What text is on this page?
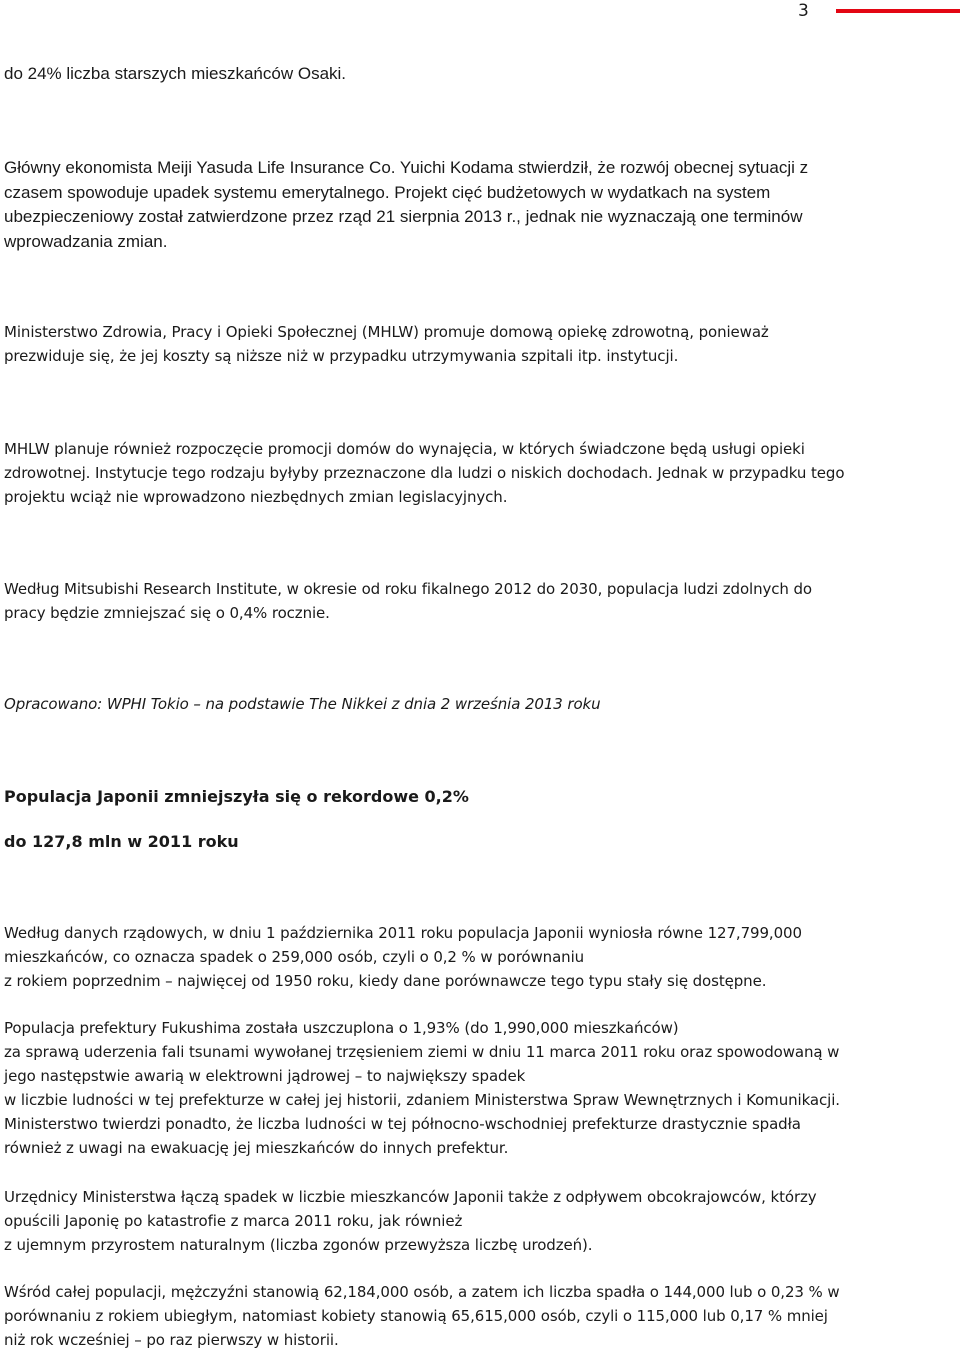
3

do 24% liczba starszych mieszkańców Osaki.

Główny ekonomista Meiji Yasuda Life Insurance Co. Yuichi Kodama stwierdził, że rozwój obecnej sytuacji z
czasem spowoduje upadek systemu emerytalnego. Projekt cięć budżetowych w wydatkach na system
ubezpieczeniowy został zatwierdzone przez rząd 21 sierpnia 2013 r., jednak nie wyznaczają one terminów
wprowadzania zmian.

Ministerstwo Zdrowia, Pracy i Opieki Społecznej (MHLW) promuje domową opiekę zdrowotną, ponieważ
prezwiduje się, że jej koszty są niższe niż w przypadku utrzymywania szpitali itp. instytucji.

MHLW planuje również rozpoczęcie promocji domów do wynajęcia, w których świadczone będą usługi opieki
zdrowotnej. Instytucje tego rodzaju byłyby przeznaczone dla ludzi o niskich dochodach. Jednak w przypadku tego
projektu wciąż nie wprowadzono niezbędnych zmian legislacyjnych.

Według Mitsubishi Research Institute, w okresie od roku fikalnego 2012 do 2030, populacja ludzi zdolnych do
pracy będzie zmniejszać się o 0,4% rocznie.

Opracowano: WPHI Tokio – na podstawie The Nikkei z dnia 2 września 2013 roku

Populacja Japonii zmniejszyła się o rekordowe 0,2%

do 127,8 mln w 2011 roku

Według danych rządowych, w dniu 1 października 2011 roku populacja Japonii wyniosła równe 127,799,000
mieszkańców, co oznacza spadek o 259,000 osób, czyli o 0,2 % w porównaniu
z rokiem poprzednim – najwięcej od 1950 roku, kiedy dane porównawcze tego typu stały się dostępne.

Populacja prefektury Fukushima została uszczuplona o 1,93% (do 1,990,000 mieszkańców)
za sprawą uderzenia fali tsunami wywołanej trzęsieniem ziemi w dniu 11 marca 2011 roku oraz spowodowaną w
jego następstwie awarią w elektrowni jądrowej – to największy spadek
w liczbie ludności w tej prefekturze w całej jej historii, zdaniem Ministerstwa Spraw Wewnętrznych i Komunikacji.
Ministerstwo twierdzi ponadto, że liczba ludności w tej północno-wschodniej prefekturze drastycznie spadła
również z uwagi na ewakuację jej mieszkańców do innych prefektur.

Urzędnicy Ministerstwa łączą spadek w liczbie mieszkanców Japonii także z odpływem obcokrajowców, którzy
opuścili Japonię po katastrofie z marca 2011 roku, jak również
z ujemnym przyrostem naturalnym (liczba zgonów przewyższa liczbę urodzeń).

Wśród całej populacji, mężczyźni stanowią 62,184,000 osób, a zatem ich liczba spadła o 144,000 lub o 0,23 % w
porównaniu z rokiem ubiegłym, natomiast kobiety stanowią 65,615,000 osób, czyli o 115,000 lub 0,17 % mniej
niż rok wcześniej – po raz pierwszy w historii.
